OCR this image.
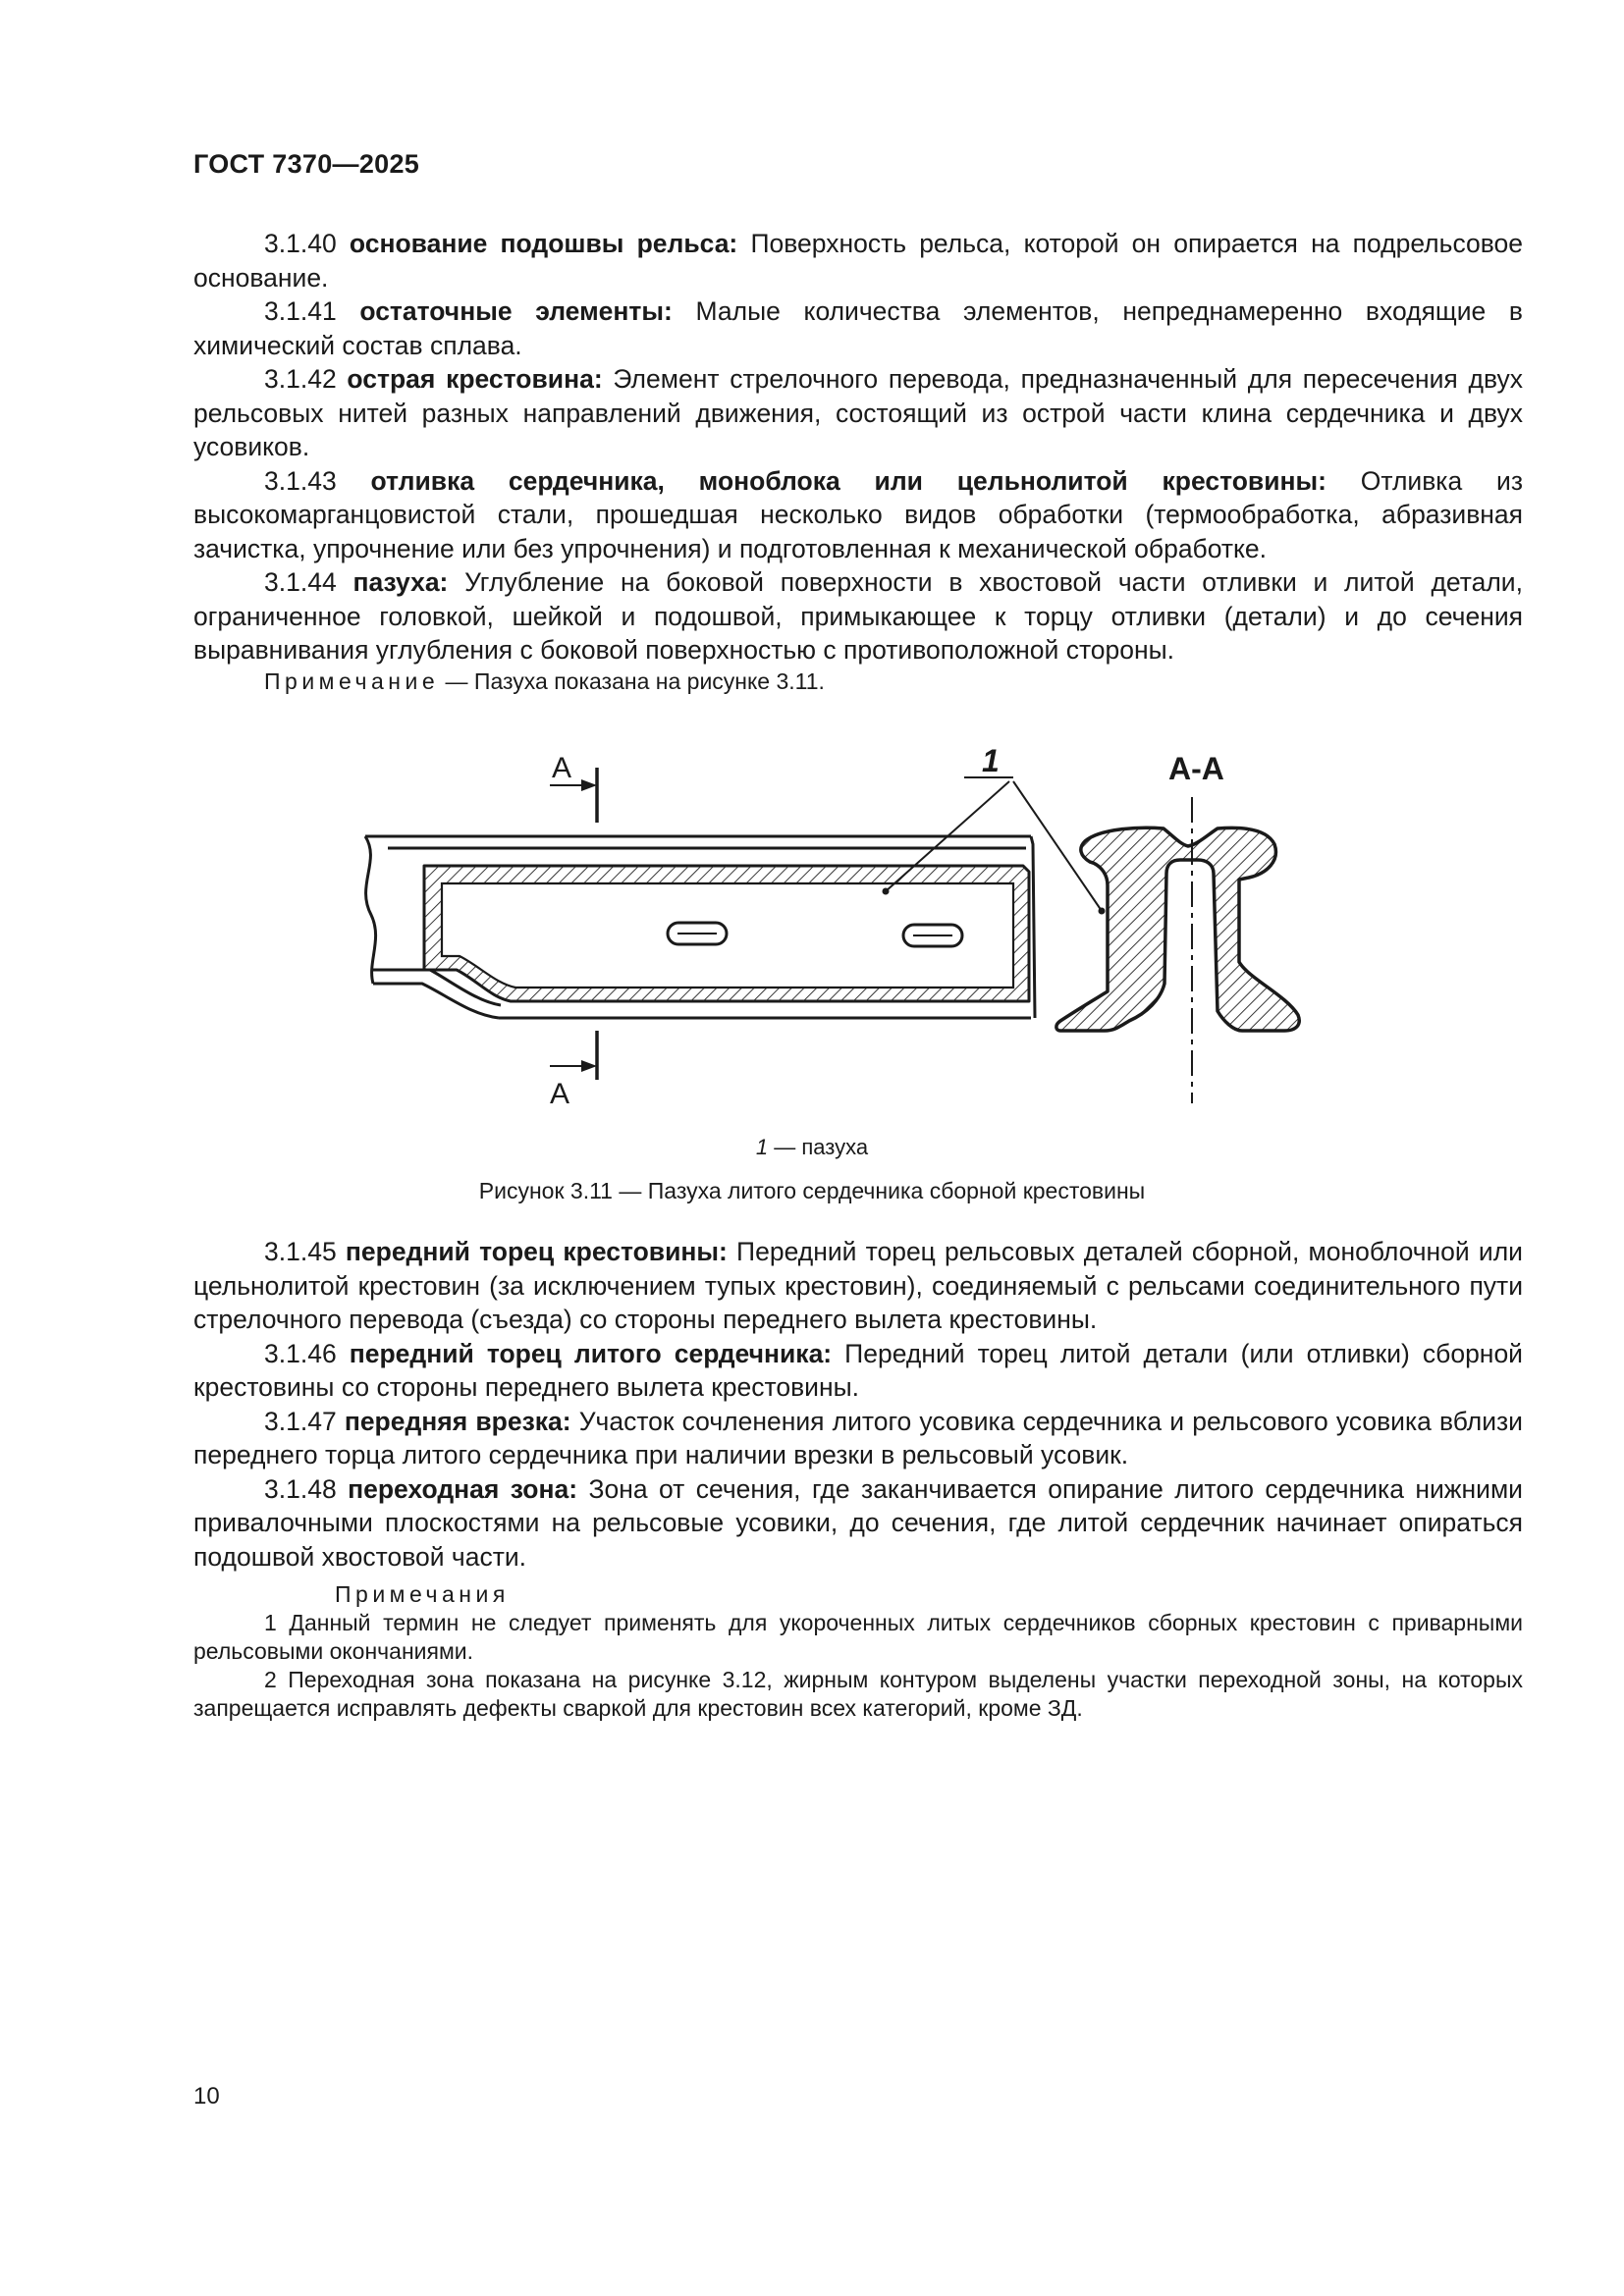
ГОСТ 7370—2025

3.1.40 основание подошвы рельса: Поверхность рельса, которой он опирается на подрельсовое основание.

3.1.41 остаточные элементы: Малые количества элементов, непреднамеренно входящие в химический состав сплава.

3.1.42 острая крестовина: Элемент стрелочного перевода, предназначенный для пересечения двух рельсовых нитей разных направлений движения, состоящий из острой части клина сердечника и двух усовиков.

3.1.43 отливка сердечника, моноблока или цельнолитой крестовины: Отливка из высокомарганцовистой стали, прошедшая несколько видов обработки (термообработка, абразивная зачистка, упрочнение или без упрочнения) и подготовленная к механической обработке.

3.1.44 пазуха: Углубление на боковой поверхности в хвостовой части отливки и литой детали, ограниченное головкой, шейкой и подошвой, примыкающее к торцу отливки (детали) и до сечения выравнивания углубления с боковой поверхностью с противоположной стороны.

Примечание — Пазуха показана на рисунке 3.11.
А
А
1	А-А
1 — пазуха
Рисунок 3.11 — Пазуха литого сердечника сборной крестовины

3.1.45 передний торец крестовины: Передний торец рельсовых деталей сборной, моноблочной или цельнолитой крестовин (за исключением тупых крестовин), соединяемый с рельсами соединительного пути стрелочного перевода (съезда) со стороны переднего вылета крестовины.

3.1.46 передний торец литого сердечника: Передний торец литой детали (или отливки) сборной крестовины со стороны переднего вылета крестовины.

3.1.47 передняя врезка: Участок сочленения литого усовика сердечника и рельсового усовика вблизи переднего торца литого сердечника при наличии врезки в рельсовый усовик.

3.1.48 переходная зона: Зона от сечения, где заканчивается опирание литого сердечника нижними привалочными плоскостями на рельсовые усовики, до сечения, где литой сердечник начинает опираться подошвой хвостовой части.

Примечания

1 Данный термин не следует применять для укороченных литых сердечников сборных крестовин с приварными рельсовыми окончаниями.

2 Переходная зона показана на рисунке 3.12, жирным контуром выделены участки переходной зоны, на которых запрещается исправлять дефекты сваркой для крестовин всех категорий, кроме ЗД.

10
